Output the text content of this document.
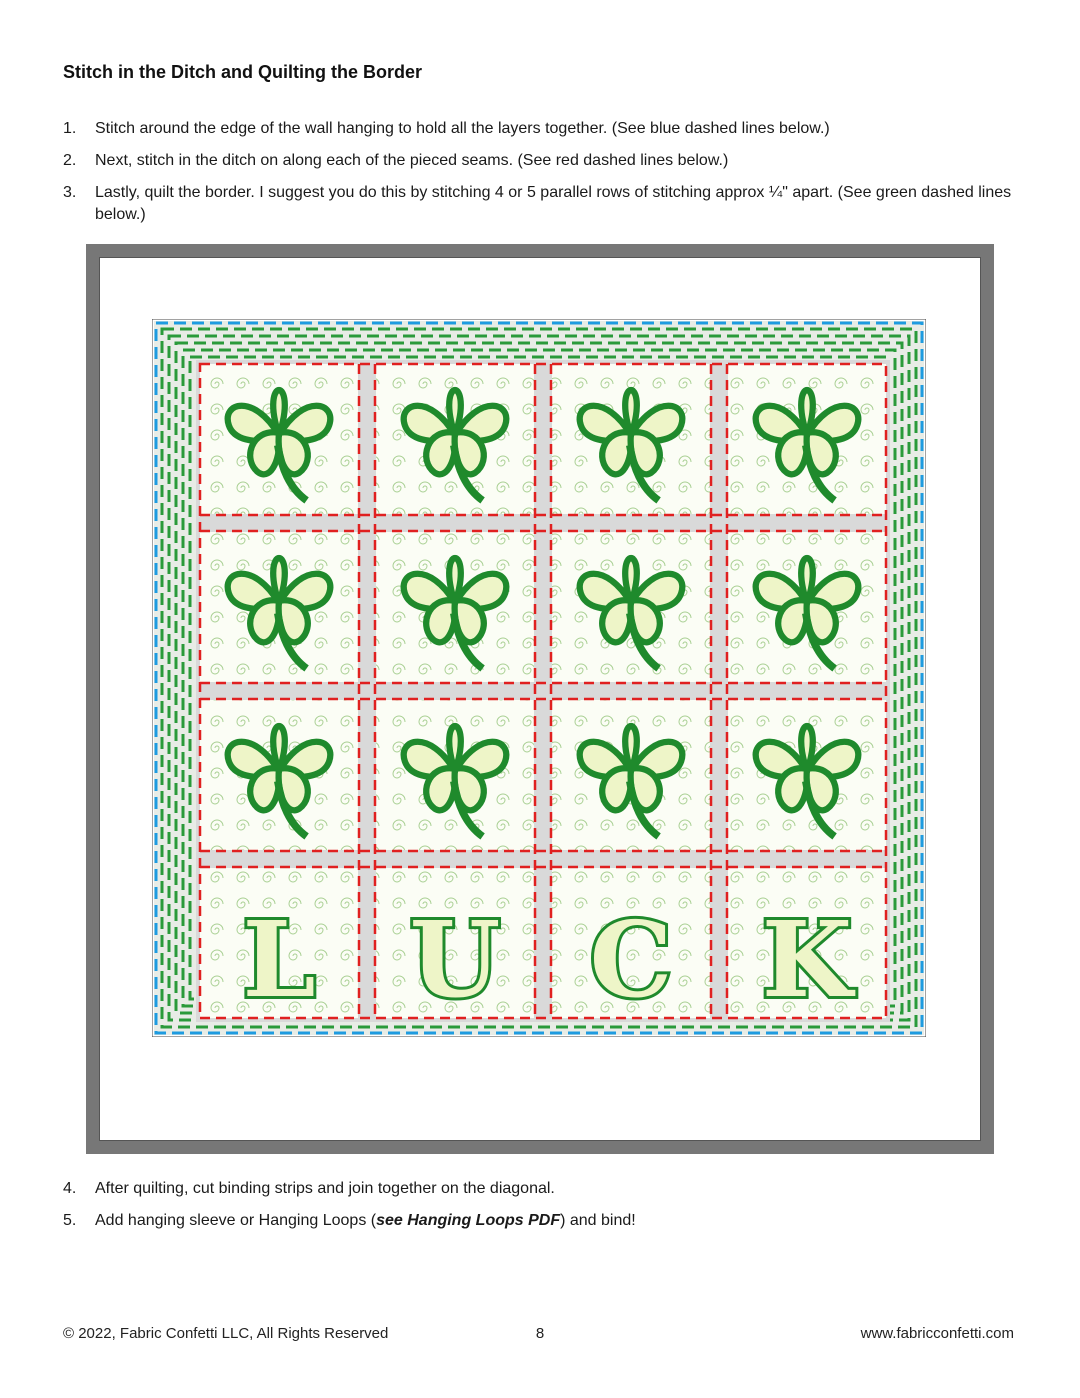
Stitch in the Ditch and Quilting the Border
1.	Stitch around the edge of the wall hanging to hold all the layers together. (See blue dashed lines below.)
2.	Next, stitch in the ditch on along each of the pieced seams. (See red dashed lines below.)
3.	Lastly, quilt the border. I suggest you do this by stitching 4 or 5 parallel rows of stitching approx ¼" apart. (See green dashed lines below.)
L U C K
4.	After quilting, cut binding strips and join together on the diagonal.
5.	Add hanging sleeve or Hanging Loops (see Hanging Loops PDF) and bind!
© 2022, Fabric Confetti LLC, All Rights Reserved	8	www.fabricconfetti.com
